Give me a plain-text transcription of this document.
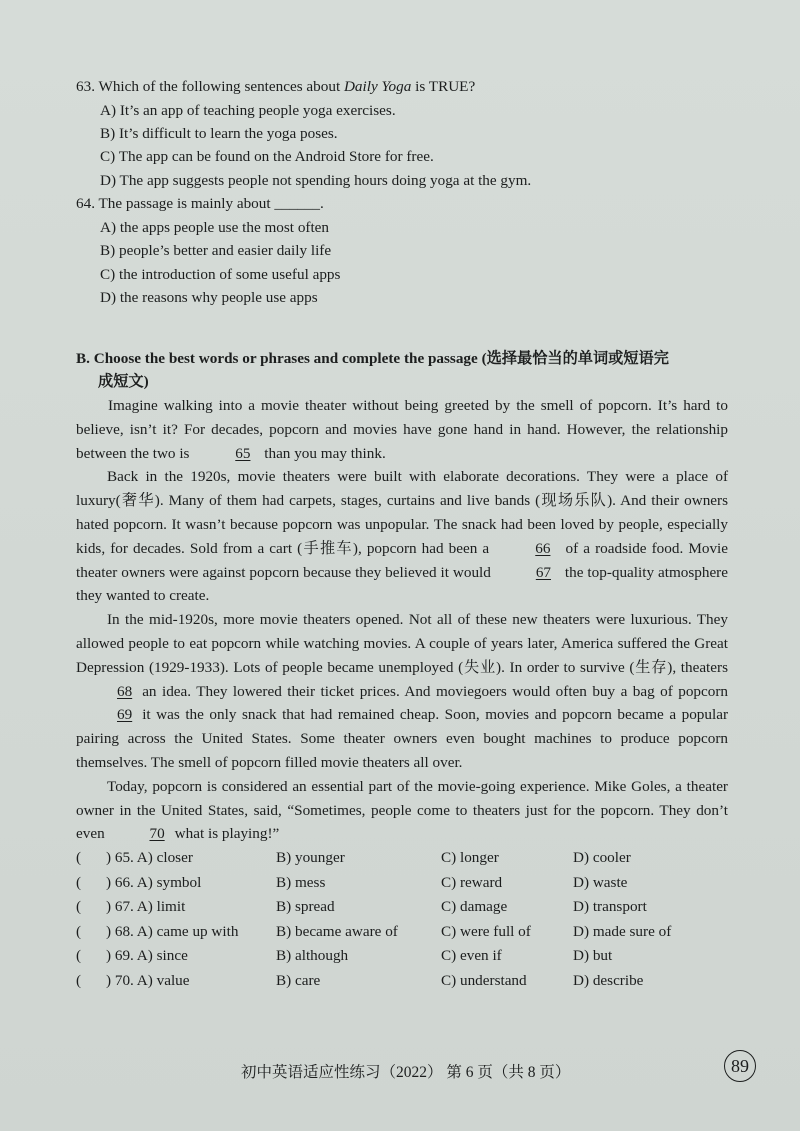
63. Which of the following sentences about Daily Yoga is TRUE?
A) It’s an app of teaching people yoga exercises.
B) It’s difficult to learn the yoga poses.
C) The app can be found on the Android Store for free.
D) The app suggests people not spending hours doing yoga at the gym.
64. The passage is mainly about ______.
A) the apps people use the most often
B) people’s better and easier daily life
C) the introduction of some useful apps
D) the reasons why people use apps
B. Choose the best words or phrases and complete the passage (选择最恰当的单词或短语完
成短文)

Imagine walking into a movie theater without being greeted by the smell of popcorn. It’s hard to believe, isn’t it? For decades, popcorn and movies have gone hand in hand. However, the relationship between the two is	65 than you may think.

Back in the 1920s, movie theaters were built with elaborate decorations. They were a place of luxury(奢华). Many of them had carpets, stages, curtains and live bands (现场乐队). And their owners hated popcorn. It wasn’t because popcorn was unpopular. The snack had been loved by people, especially kids, for decades. Sold from a cart (手推车), popcorn had been a	66 of a roadside food. Movie theater owners were against popcorn because they believed it would	67 the top-quality atmosphere they wanted to create.

In the mid-1920s, more movie theaters opened. Not all of these new theaters were luxurious. They allowed people to eat popcorn while watching movies. A couple of years later, America suffered the Great Depression (1929-1933). Lots of people became unemployed (失业). In order to survive (生存), theaters68 an idea. They lowered their ticket prices. And moviegoers would often buy a bag of popcorn 69 it was the only snack that had remained cheap. Soon, movies and popcorn became a popular pairing across the United States. Some theater owners even bought machines to produce popcorn themselves. The smell of popcorn filled movie theaters all over.

Today, popcorn is considered an essential part of the movie-going experience. Mike Goles, a theater owner in the United States, said, “Sometimes, people come to theaters just for the popcorn. They don’t even	70 what is playing!”

( ) 65. A) closer	B) younger	C) longer	D) cooler
( ) 66. A) symbol	B) mess	C) reward	D) waste
( ) 67. A) limit	B) spread	C) damage	D) transport
( ) 68. A) came up with B) became aware of	C) were full of	D) made sure of
( ) 69. A) since	B) although	C) even if	D) but
( ) 70. A) value	B) care	C) understand	D) describe
初中英语适应性练习（2022） 第 6 页（共 8 页）	89
